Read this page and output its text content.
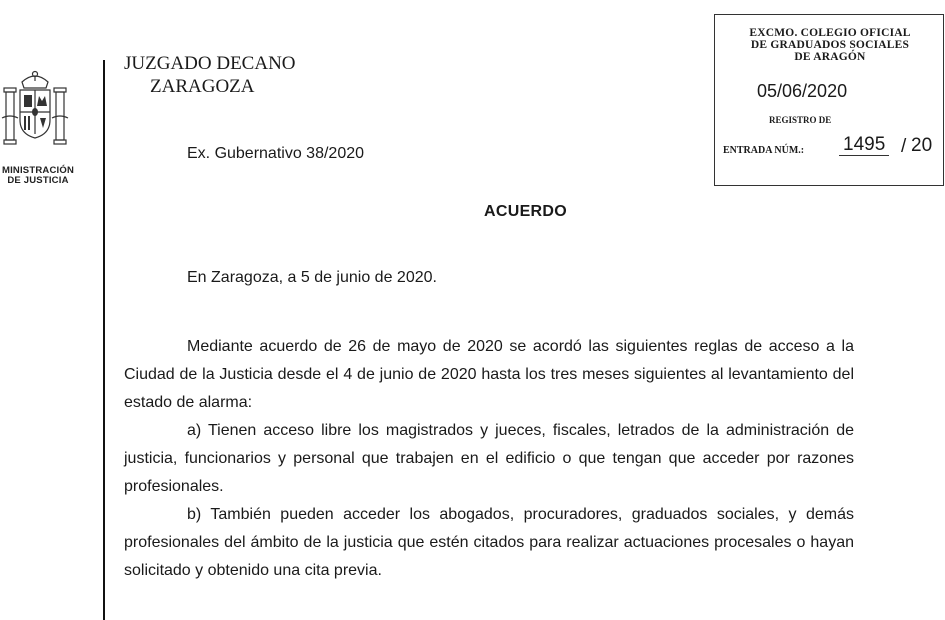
MINISTRACIÓN
DE JUSTICIA
JUZGADO DECANO
ZARAGOZA
Ex. Gubernativo 38/2020
EXCMO. COLEGIO OFICIAL
DE GRADUADOS SOCIALES
DE ARAGÓN
05/06/2020
REGISTRO DE
ENTRADA NÚM.: 1495 / 20
ACUERDO
En Zaragoza, a 5 de junio de 2020.

Mediante acuerdo de 26 de mayo de 2020 se acordó las siguientes reglas de acceso a la Ciudad de la Justicia desde el 4 de junio de 2020 hasta los tres meses siguientes al levantamiento del estado de alarma:

a) Tienen acceso libre los magistrados y jueces, fiscales, letrados de la administración de justicia, funcionarios y personal que trabajen en el edificio o que tengan que acceder por razones profesionales.

b) También pueden acceder los abogados, procuradores, graduados sociales, y demás profesionales del ámbito de la justicia que estén citados para realizar actuaciones procesales o hayan solicitado y obtenido una cita previa.
